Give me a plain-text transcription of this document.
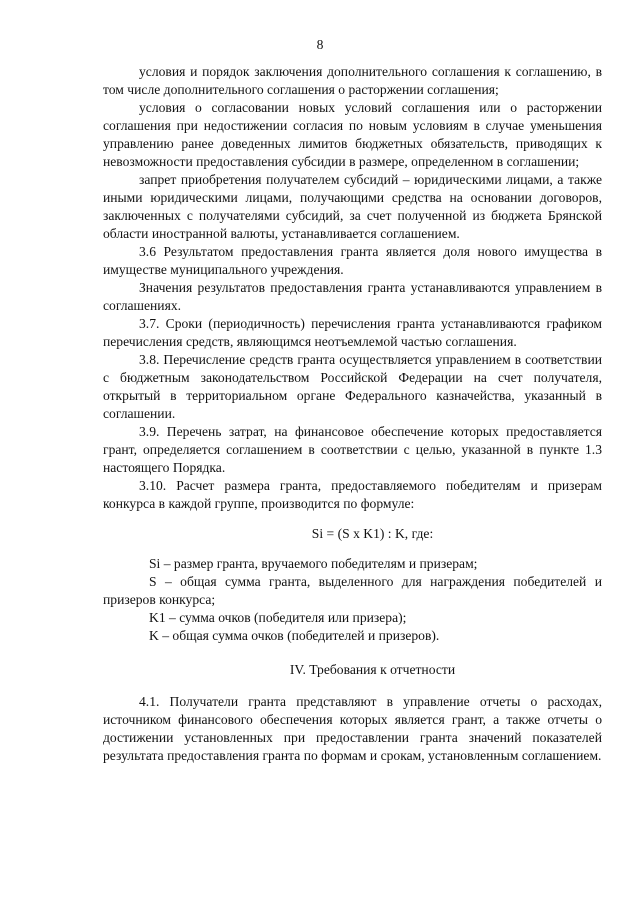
8

условия и порядок заключения дополнительного соглашения к соглашению, в том числе дополнительного соглашения о расторжении соглашения;

условия о согласовании новых условий соглашения или о расторжении соглашения при недостижении согласия по новым условиям в случае уменьшения управлению ранее доведенных лимитов бюджетных обязательств, приводящих к невозможности предоставления субсидии в размере, определенном в соглашении;

запрет приобретения получателем субсидий – юридическими лицами, а также иными юридическими лицами, получающими средства на основании договоров, заключенных с получателями субсидий, за счет полученной из бюджета Брянской области иностранной валюты, устанавливается соглашением.

3.6 Результатом предоставления гранта является доля нового имущества в имуществе муниципального учреждения.

Значения результатов предоставления гранта устанавливаются управлением в соглашениях.

3.7. Сроки (периодичность) перечисления гранта устанавливаются графиком перечисления средств, являющимся неотъемлемой частью соглашения.

3.8. Перечисление средств гранта осуществляется управлением в соответствии с бюджетным законодательством Российской Федерации на счет получателя, открытый в территориальном органе Федерального казначейства, указанный в соглашении.

3.9. Перечень затрат, на финансовое обеспечение которых предоставляется грант, определяется соглашением в соответствии с целью, указанной в пункте 1.3 настоящего Порядка.

3.10. Расчет размера гранта, предоставляемого победителям и призерам конкурса в каждой группе, производится по формуле:

Si = (S x K1) : K, где:

Si – размер гранта, вручаемого победителям и призерам;

S – общая сумма гранта, выделенного для награждения победителей и призеров конкурса;

K1 – сумма очков (победителя или призера);

K – общая сумма очков (победителей и призеров).

IV. Требования к отчетности

4.1. Получатели гранта представляют в управление отчеты о расходах, источником финансового обеспечения которых является грант, а также отчеты о достижении установленных при предоставлении гранта значений показателей результата предоставления гранта по формам и срокам, установленным соглашением.
